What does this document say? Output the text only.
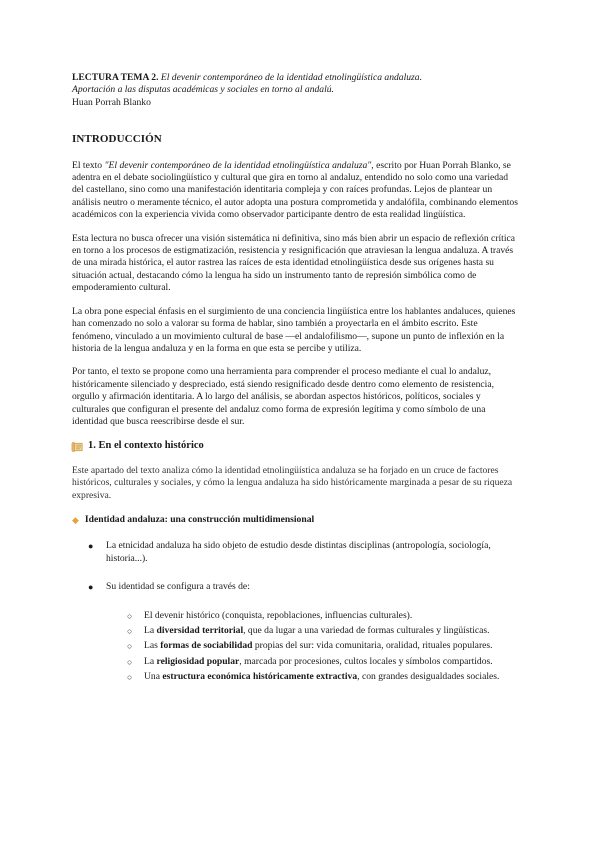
LECTURA TEMA 2. El devenir contemporáneo de la identidad etnolingüística andaluza.

Aportación a las disputas académicas y sociales en torno al andalú.

Huan Porrah Blanko

INTRODUCCIÓN

El texto "El devenir contemporáneo de la identidad etnolingüística andaluza", escrito por Huan Porrah Blanko, se adentra en el debate sociolingüístico y cultural que gira en torno al andaluz, entendido no solo como una variedad del castellano, sino como una manifestación identitaria compleja y con raíces profundas. Lejos de plantear un análisis neutro o meramente técnico, el autor adopta una postura comprometida y andalófila, combinando elementos académicos con la experiencia vivida como observador participante dentro de esta realidad lingüística.

Esta lectura no busca ofrecer una visión sistemática ni definitiva, sino más bien abrir un espacio de reflexión crítica en torno a los procesos de estigmatización, resistencia y resignificación que atraviesan la lengua andaluza. A través de una mirada histórica, el autor rastrea las raíces de esta identidad etnolingüística desde sus orígenes hasta su situación actual, destacando cómo la lengua ha sido un instrumento tanto de represión simbólica como de empoderamiento cultural.

La obra pone especial énfasis en el surgimiento de una conciencia lingüística entre los hablantes andaluces, quienes han comenzado no solo a valorar su forma de hablar, sino también a proyectarla en el ámbito escrito. Este fenómeno, vinculado a un movimiento cultural de base —el andalofilismo—, supone un punto de inflexión en la historia de la lengua andaluza y en la forma en que esta se percibe y utiliza.

Por tanto, el texto se propone como una herramienta para comprender el proceso mediante el cual lo andaluz, históricamente silenciado y despreciado, está siendo resignificado desde dentro como elemento de resistencia, orgullo y afirmación identitaria. A lo largo del análisis, se abordan aspectos históricos, políticos, sociales y culturales que configuran el presente del andaluz como forma de expresión legítima y como símbolo de una identidad que busca reescribirse desde el sur.

1. En el contexto histórico

Este apartado del texto analiza cómo la identidad etnolingüística andaluza se ha forjado en un cruce de factores históricos, culturales y sociales, y cómo la lengua andaluza ha sido históricamente marginada a pesar de su riqueza expresiva.

◆ Identidad andaluza: una construcción multidimensional
● La etnicidad andaluza ha sido objeto de estudio desde distintas disciplinas (antropología, sociología, historia...).
● Su identidad se configura a través de:
○ El devenir histórico (conquista, repoblaciones, influencias culturales).
○ La diversidad territorial, que da lugar a una variedad de formas culturales y lingüísticas.
○ Las formas de sociabilidad propias del sur: vida comunitaria, oralidad, rituales populares.
○ La religiosidad popular, marcada por procesiones, cultos locales y símbolos compartidos.
○ Una estructura económica históricamente extractiva, con grandes desigualdades sociales.
